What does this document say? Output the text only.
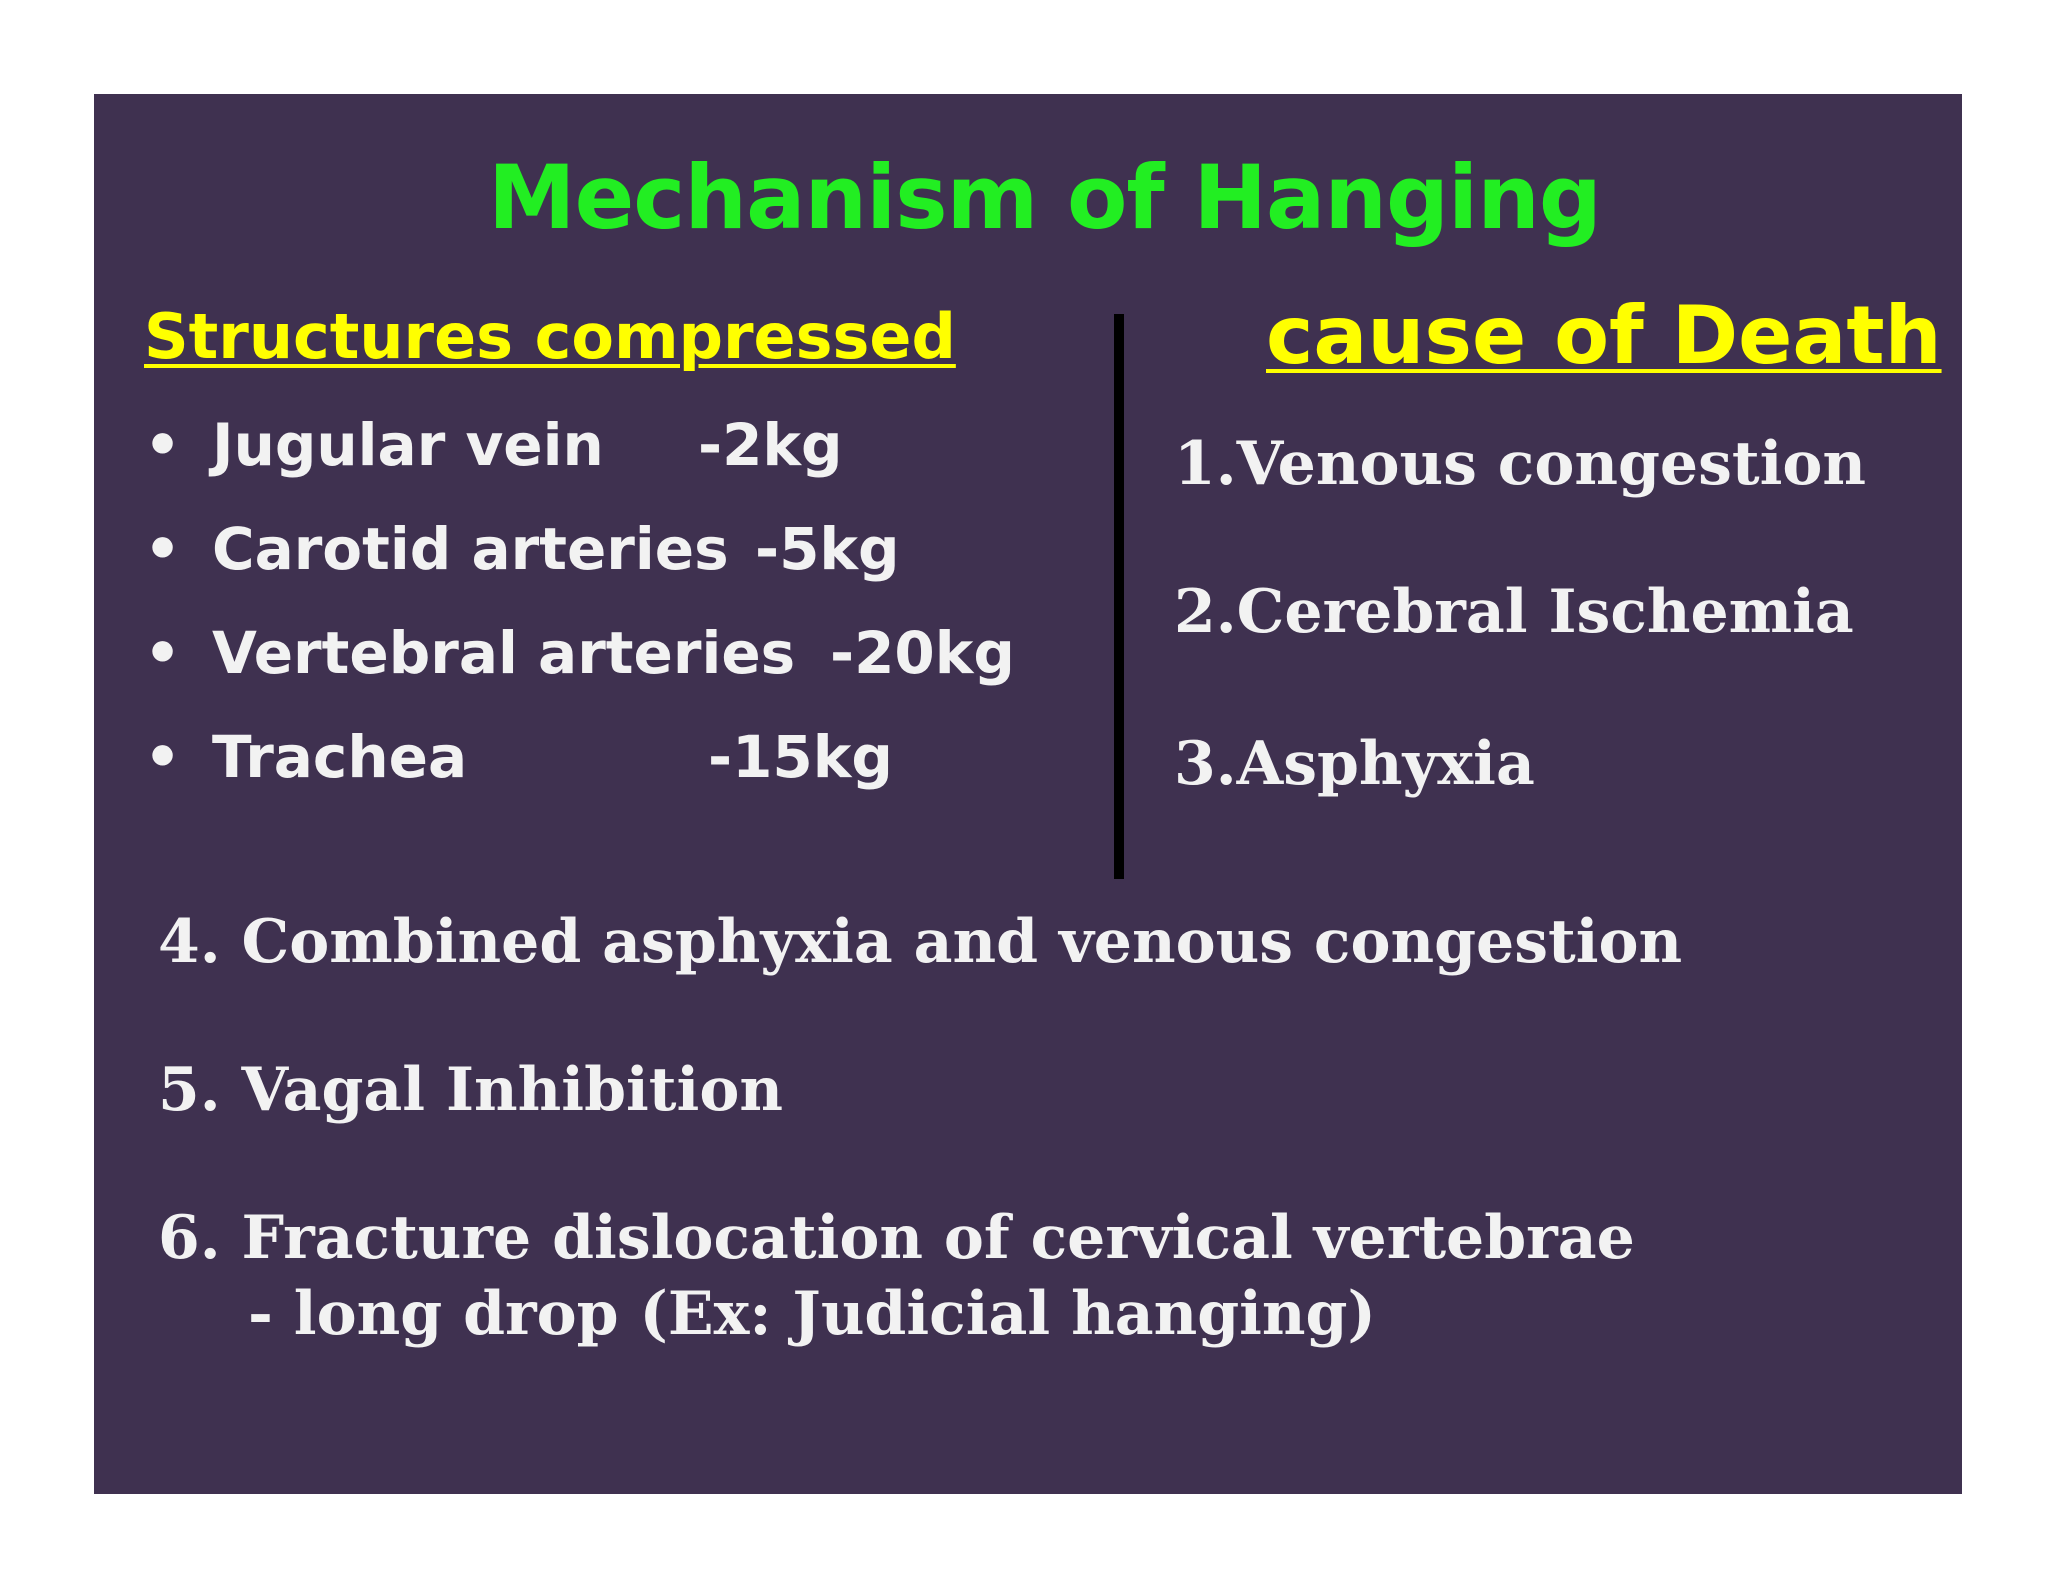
Mechanism of Hanging
Structures compressed	cause of Death
• Jugular vein -2kg
• Carotid arteries -5kg
• Vertebral arteries -20kg
• Trachea	-15kg
1.Venous congestion
2.Cerebral Ischemia
3.Asphyxia
4. Combined asphyxia and venous congestion
5. Vagal Inhibition
6. Fracture dislocation of cervical vertebrae
- long drop (Ex: Judicial hanging)
